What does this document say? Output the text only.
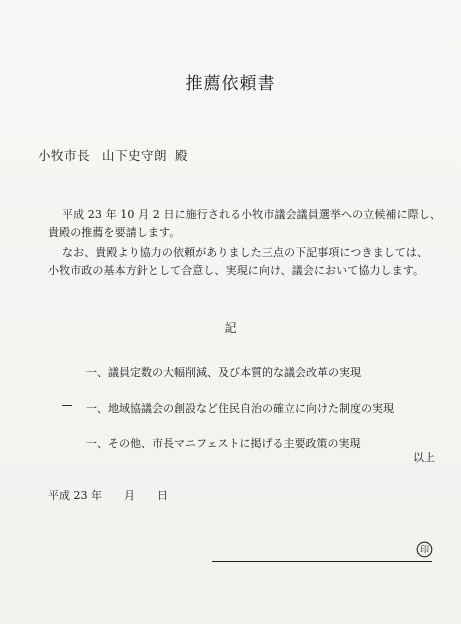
推薦依頼書
小牧市長 山下史守朗 殿
平成 23 年 10 月 2 日に施行される小牧市議会議員選挙への立候補に際し、
貴殿の推薦を要請します。
なお、貴殿より協力の依頼がありました三点の下記事項につきましては、
小牧市政の基本方針として合意し、実現に向け、議会において協力します。
記
一、議員定数の大幅削減、及び本質的な議会改革の実現
一、地域協議会の創設など住民自治の確立に向けた制度の実現
一、その他、市長マニフェストに掲げる主要政策の実現
以上
平成 23 年 月 日
印
